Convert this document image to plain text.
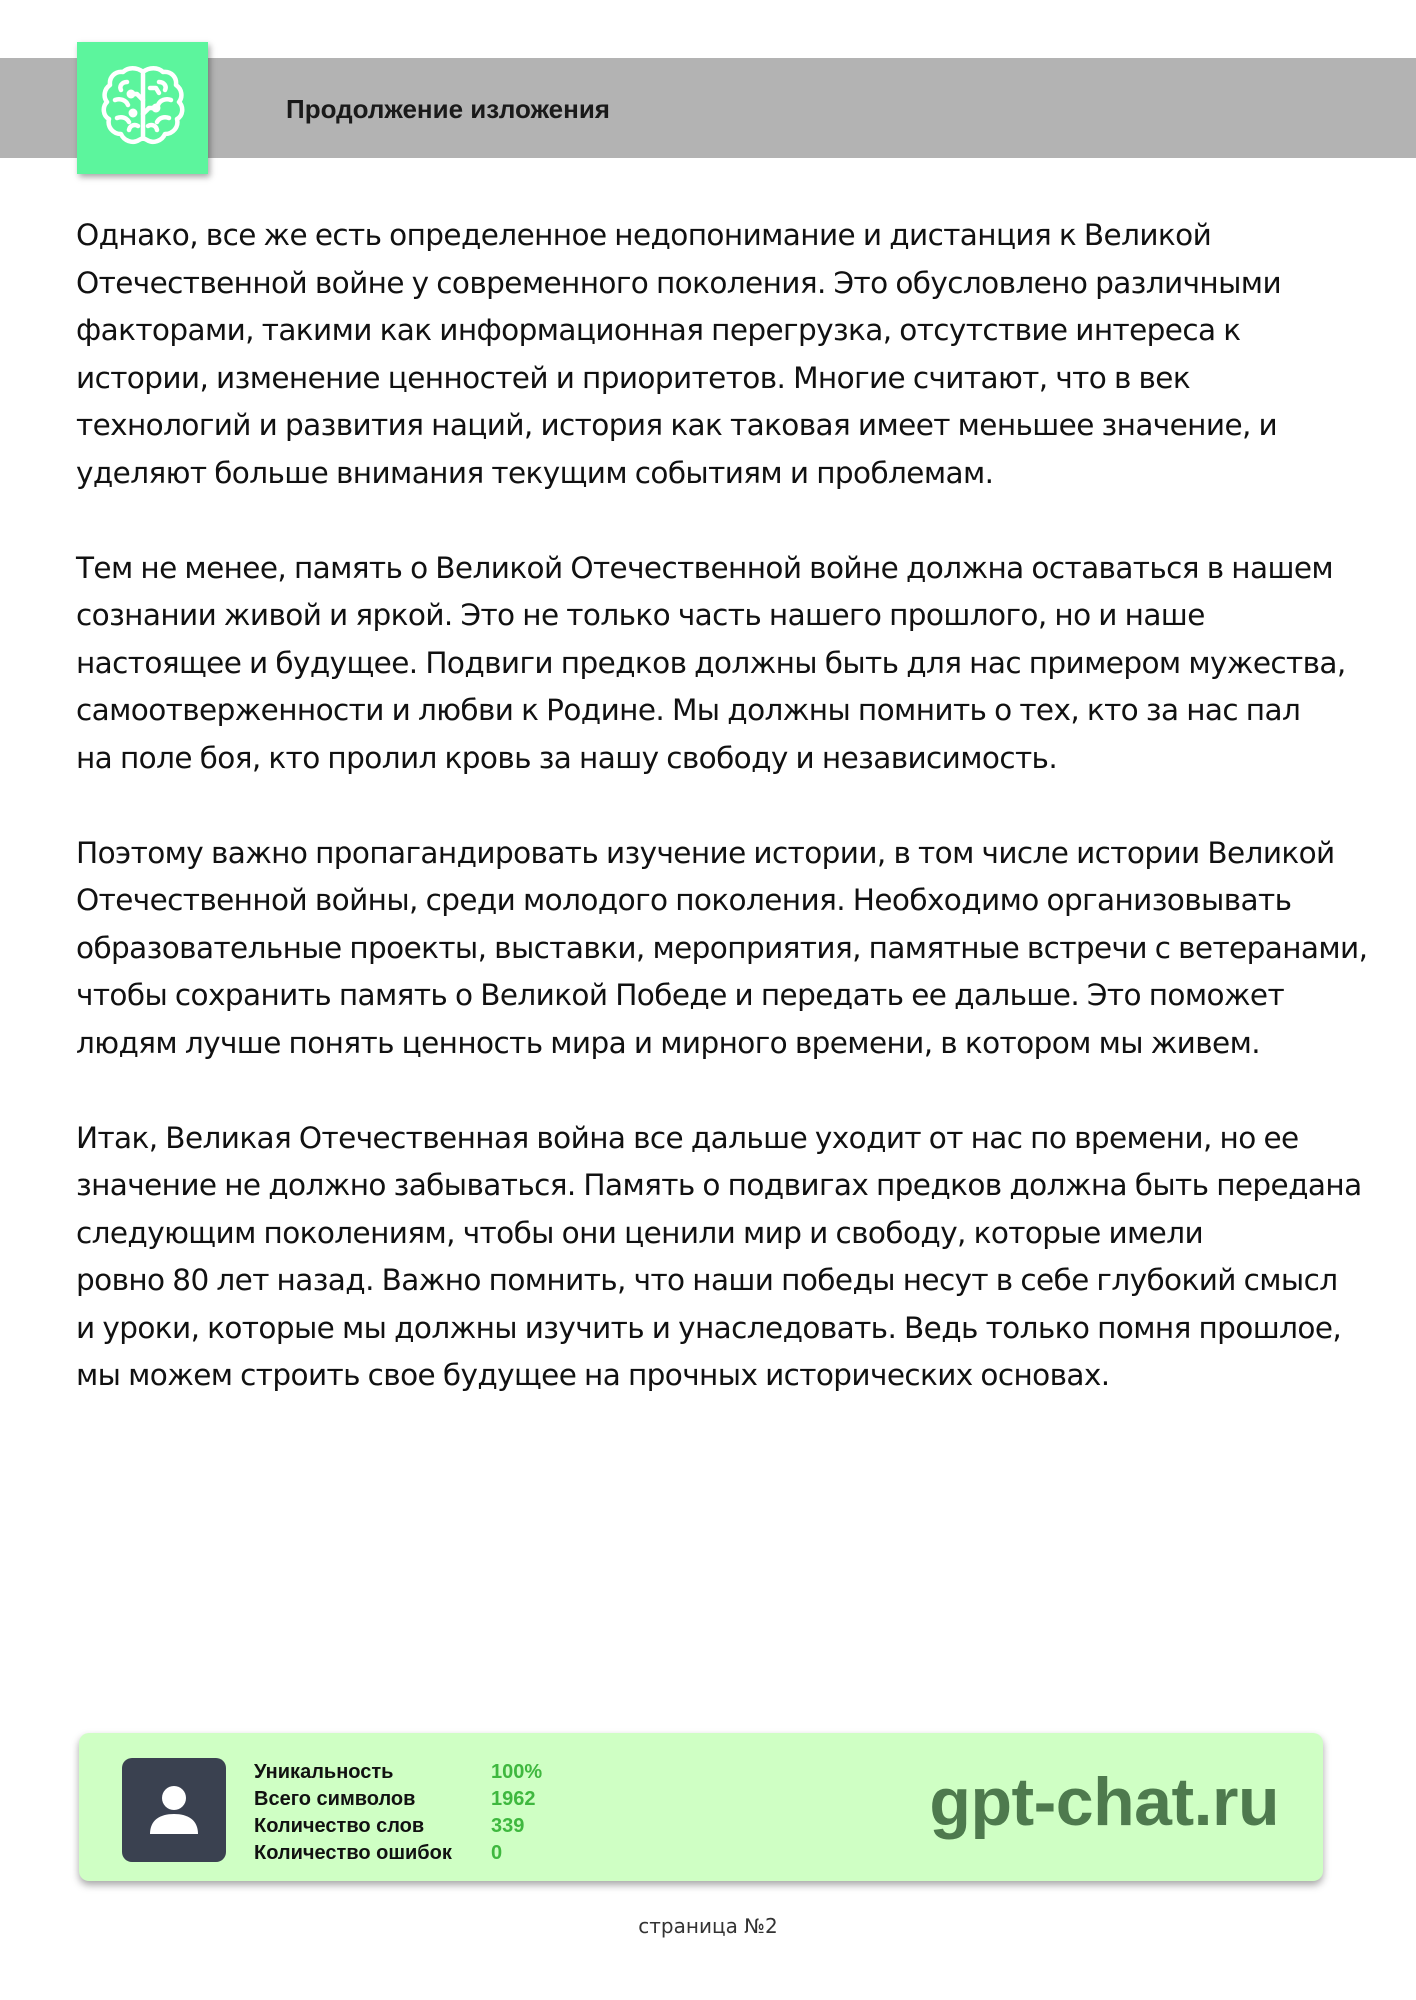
Продолжение изложения

Однако, все же есть определенное недопонимание и дистанция к Великой
Отечественной войне у современного поколения. Это обусловлено различными
факторами, такими как информационная перегрузка, отсутствие интереса к
истории, изменение ценностей и приоритетов. Многие считают, что в век
технологий и развития наций, история как таковая имеет меньшее значение, и
уделяют больше внимания текущим событиям и проблемам.

Тем не менее, память о Великой Отечественной войне должна оставаться в нашем
сознании живой и яркой. Это не только часть нашего прошлого, но и наше
настоящее и будущее. Подвиги предков должны быть для нас примером мужества,
самоотверженности и любви к Родине. Мы должны помнить о тех, кто за нас пал
на поле боя, кто пролил кровь за нашу свободу и независимость.

Поэтому важно пропагандировать изучение истории, в том числе истории Великой
Отечественной войны, среди молодого поколения. Необходимо организовывать
образовательные проекты, выставки, мероприятия, памятные встречи с ветеранами,
чтобы сохранить память о Великой Победе и передать ее дальше. Это поможет
людям лучше понять ценность мира и мирного времени, в котором мы живем.

Итак, Великая Отечественная война все дальше уходит от нас по времени, но ее
значение не должно забываться. Память о подвигах предков должна быть передана
следующим поколениям, чтобы они ценили мир и свободу, которые имели
ровно 80 лет назад. Важно помнить, что наши победы несут в себе глубокий смысл
и уроки, которые мы должны изучить и унаследовать. Ведь только помня прошлое,
мы можем строить свое будущее на прочных исторических основах.

Уникальность
Всего символов
Количество слов
Количество ошибок
100%
1962
339
0
gpt-chat.ru
страница №2
